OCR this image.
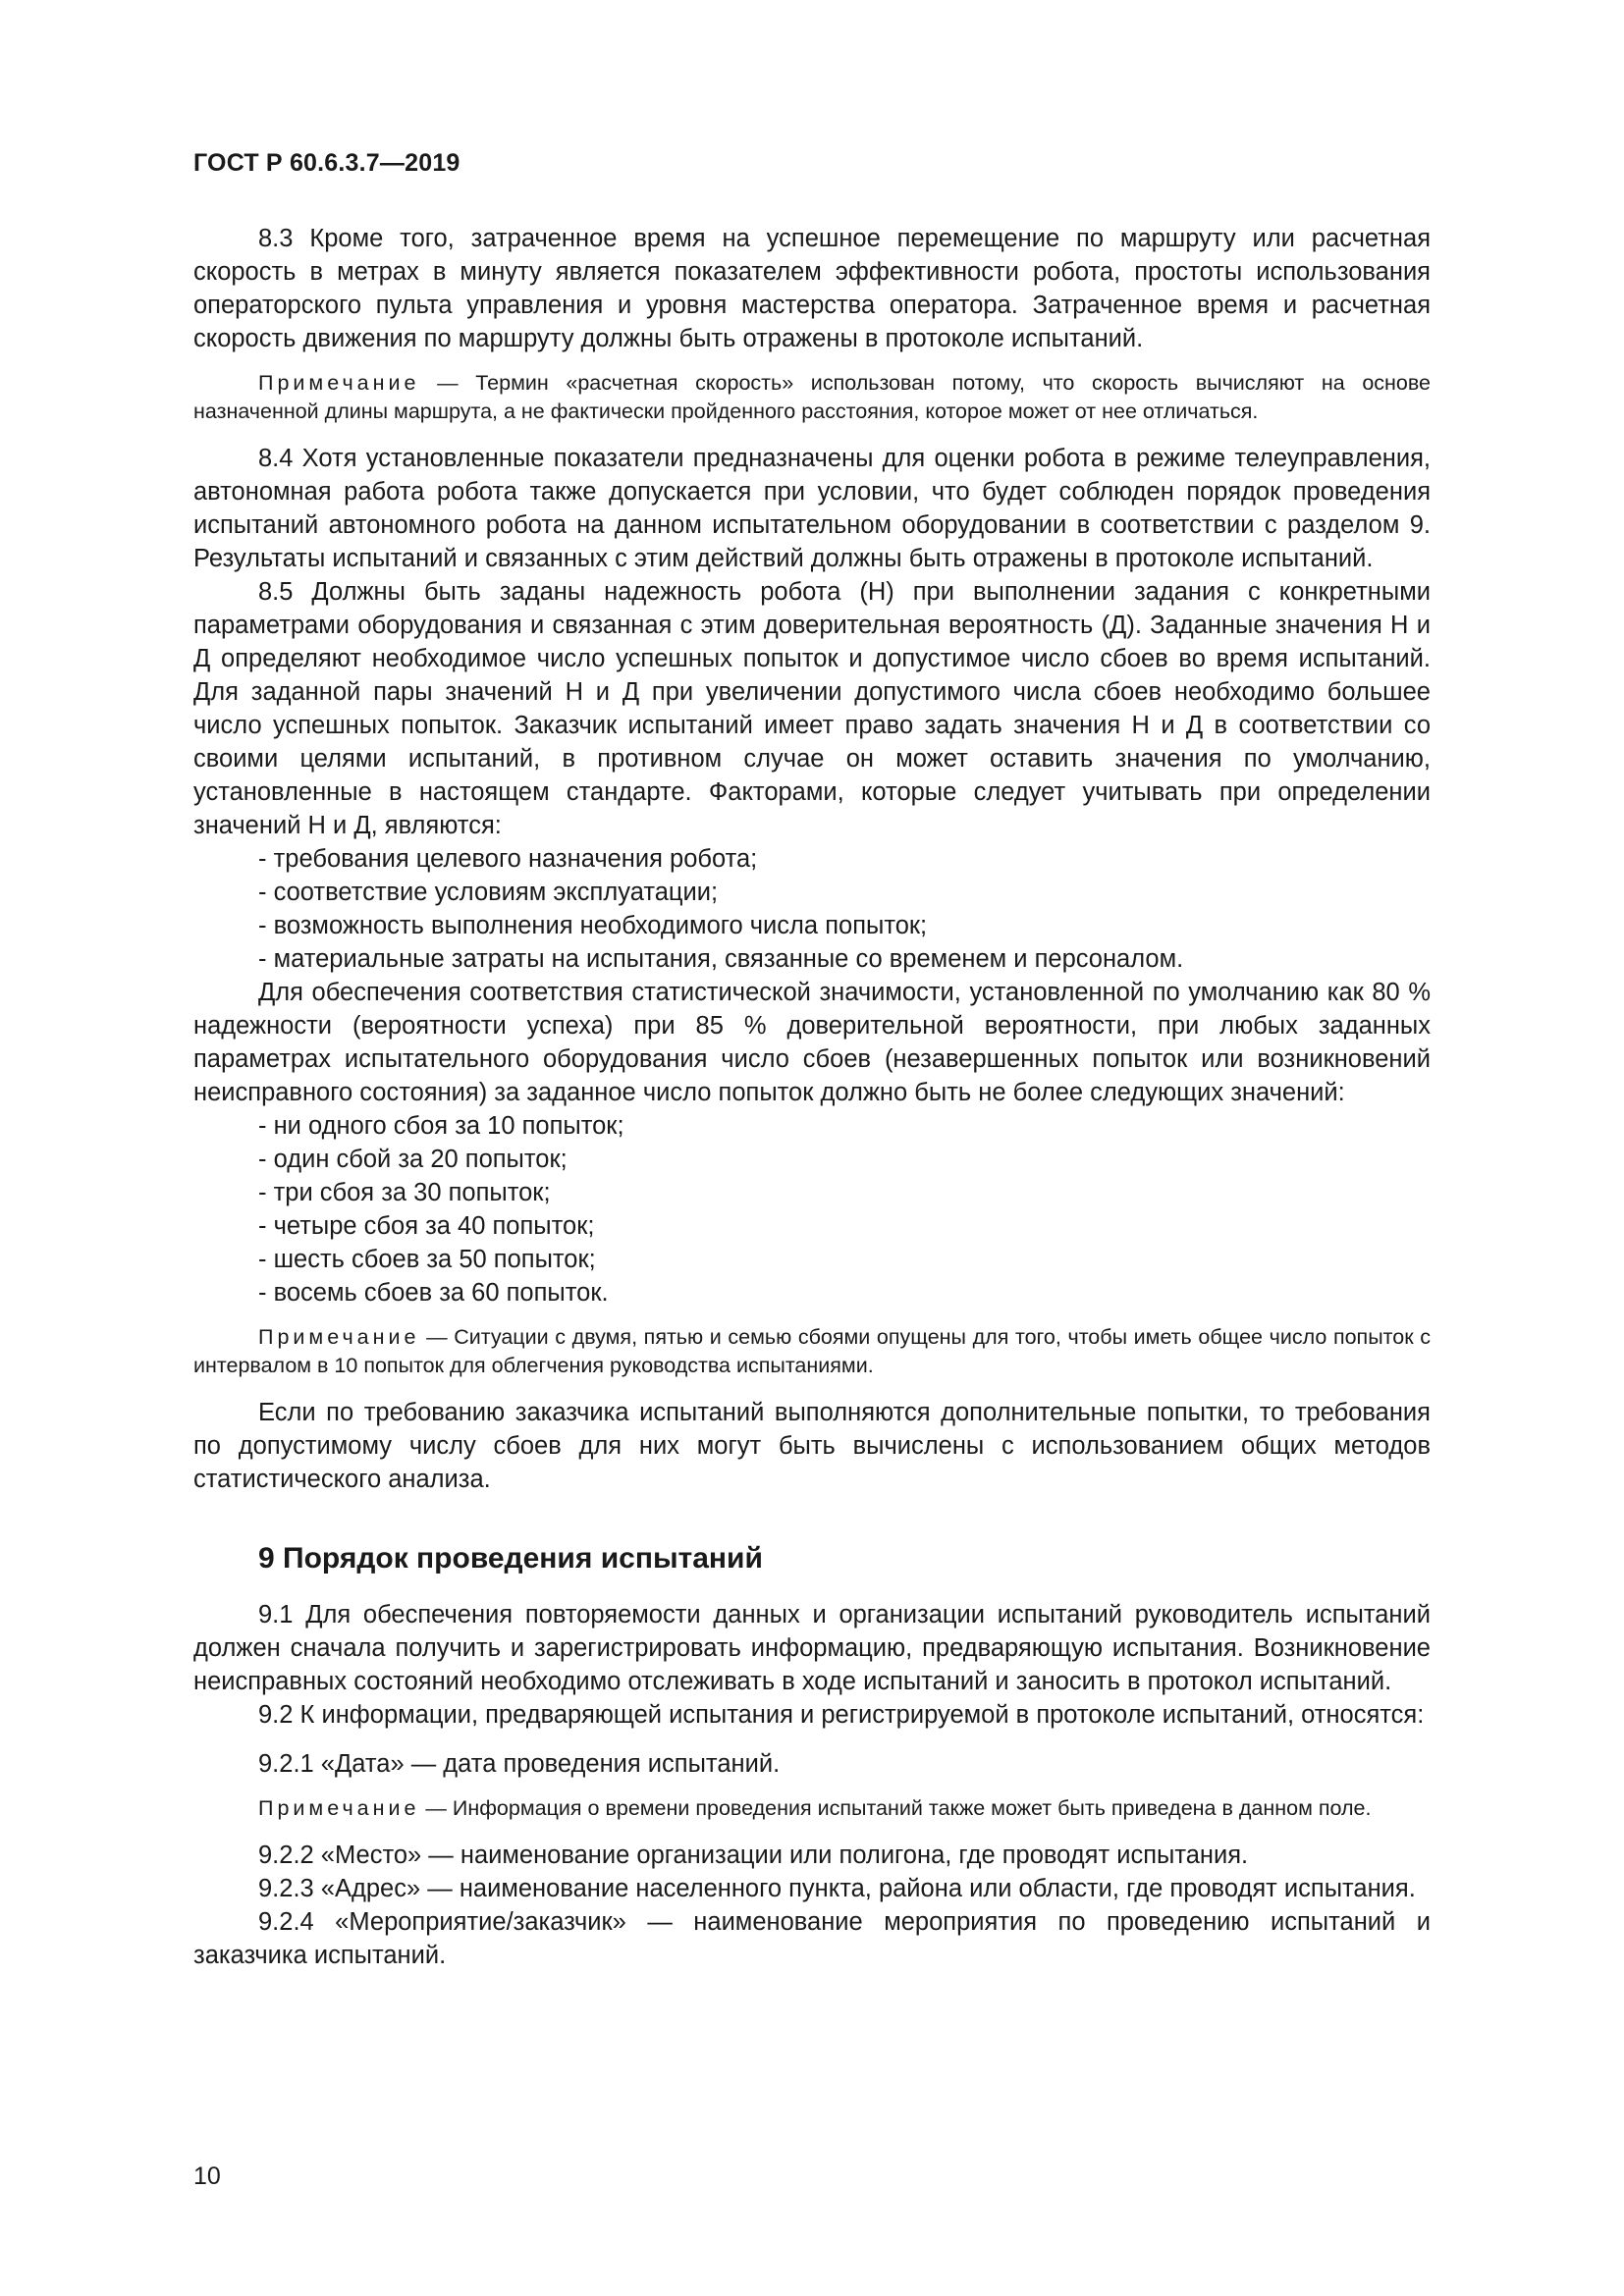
ГОСТ Р 60.6.3.7—2019

8.3 Кроме того, затраченное время на успешное перемещение по маршруту или расчетная скорость в метрах в минуту является показателем эффективности робота, простоты использования операторского пульта управления и уровня мастерства оператора. Затраченное время и расчетная скорость движения по маршруту должны быть отражены в протоколе испытаний.

Примечание — Термин «расчетная скорость» использован потому, что скорость вычисляют на основе назначенной длины маршрута, а не фактически пройденного расстояния, которое может от нее отличаться.

8.4 Хотя установленные показатели предназначены для оценки робота в режиме телеуправления, автономная работа робота также допускается при условии, что будет соблюден порядок проведения испытаний автономного робота на данном испытательном оборудовании в соответствии с разделом 9. Результаты испытаний и связанных с этим действий должны быть отражены в протоколе испытаний.

8.5 Должны быть заданы надежность робота (Н) при выполнении задания с конкретными параметрами оборудования и связанная с этим доверительная вероятность (Д). Заданные значения Н и Д определяют необходимое число успешных попыток и допустимое число сбоев во время испытаний. Для заданной пары значений Н и Д при увеличении допустимого числа сбоев необходимо большее число успешных попыток. Заказчик испытаний имеет право задать значения Н и Д в соответствии со своими целями испытаний, в противном случае он может оставить значения по умолчанию, установленные в настоящем стандарте. Факторами, которые следует учитывать при определении значений Н и Д, являются:

- требования целевого назначения робота;
- соответствие условиям эксплуатации;
- возможность выполнения необходимого числа попыток;
- материальные затраты на испытания, связанные со временем и персоналом.

Для обеспечения соответствия статистической значимости, установленной по умолчанию как 80 % надежности (вероятности успеха) при 85 % доверительной вероятности, при любых заданных параметрах испытательного оборудования число сбоев (незавершенных попыток или возникновений неисправного состояния) за заданное число попыток должно быть не более следующих значений:

- ни одного сбоя за 10 попыток;
- один сбой за 20 попыток;
- три сбоя за 30 попыток;
- четыре сбоя за 40 попыток;
- шесть сбоев за 50 попыток;
- восемь сбоев за 60 попыток.

Примечание — Ситуации с двумя, пятью и семью сбоями опущены для того, чтобы иметь общее число попыток с интервалом в 10 попыток для облегчения руководства испытаниями.

Если по требованию заказчика испытаний выполняются дополнительные попытки, то требования по допустимому числу сбоев для них могут быть вычислены с использованием общих методов статистического анализа.

9 Порядок проведения испытаний

9.1 Для обеспечения повторяемости данных и организации испытаний руководитель испытаний должен сначала получить и зарегистрировать информацию, предваряющую испытания. Возникновение неисправных состояний необходимо отслеживать в ходе испытаний и заносить в протокол испытаний.

9.2 К информации, предваряющей испытания и регистрируемой в протоколе испытаний, относятся:

9.2.1 «Дата» — дата проведения испытаний.

Примечание — Информация о времени проведения испытаний также может быть приведена в данном поле.

9.2.2 «Место» — наименование организации или полигона, где проводят испытания.

9.2.3 «Адрес» — наименование населенного пункта, района или области, где проводят испытания.

9.2.4 «Мероприятие/заказчик» — наименование мероприятия по проведению испытаний и заказчика испытаний.

10
